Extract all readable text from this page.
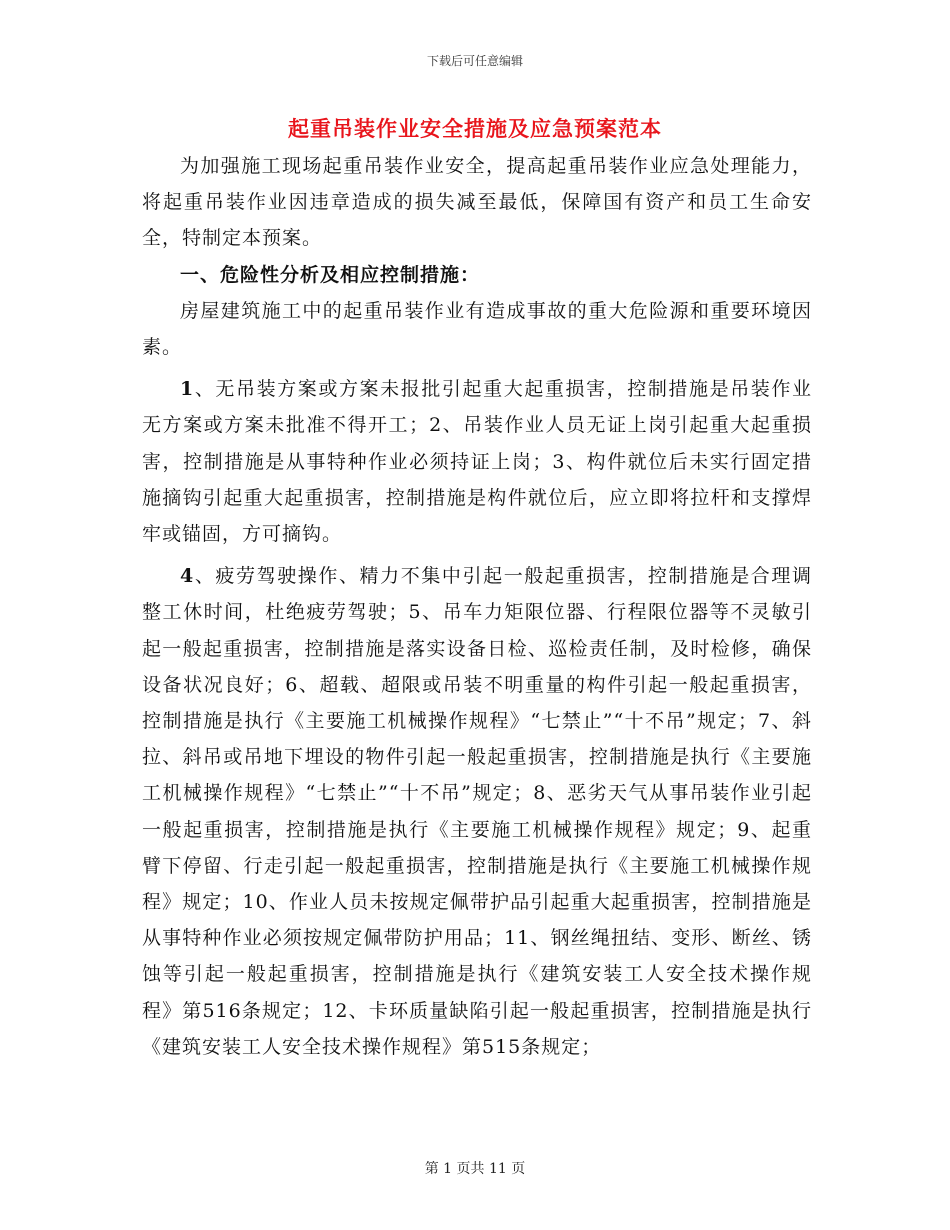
下载后可任意编辑
起重吊装作业安全措施及应急预案范本

为加强施工现场起重吊装作业安全，提高起重吊装作业应急处理能力，将起重吊装作业因违章造成的损失减至最低，保障国有资产和员工生命安全，特制定本预案。

一、危险性分析及相应控制措施：

房屋建筑施工中的起重吊装作业有造成事故的重大危险源和重要环境因素。

1、无吊装方案或方案未报批引起重大起重损害，控制措施是吊装作业无方案或方案未批准不得开工；2、吊装作业人员无证上岗引起重大起重损害，控制措施是从事特种作业必须持证上岗；3、构件就位后未实行固定措施摘钩引起重大起重损害，控制措施是构件就位后，应立即将拉杆和支撑焊牢或锚固，方可摘钩。

4、疲劳驾驶操作、精力不集中引起一般起重损害，控制措施是合理调整工休时间，杜绝疲劳驾驶；5、吊车力矩限位器、行程限位器等不灵敏引起一般起重损害，控制措施是落实设备日检、巡检责任制，及时检修，确保设备状况良好；6、超载、超限或吊装不明重量的构件引起一般起重损害，控制措施是执行《主要施工机械操作规程》“七禁止”“十不吊”规定；7、斜拉、斜吊或吊地下埋设的物件引起一般起重损害，控制措施是执行《主要施工机械操作规程》“七禁止”“十不吊”规定；8、恶劣天气从事吊装作业引起一般起重损害，控制措施是执行《主要施工机械操作规程》规定；9、起重臂下停留、行走引起一般起重损害，控制措施是执行《主要施工机械操作规程》规定；10、作业人员未按规定佩带护品引起重大起重损害，控制措施是从事特种作业必须按规定佩带防护用品；11、钢丝绳扭结、变形、断丝、锈蚀等引起一般起重损害，控制措施是执行《建筑安装工人安全技术操作规程》第516条规定；12、卡环质量缺陷引起一般起重损害，控制措施是执行《建筑安装工人安全技术操作规程》第515条规定；

第 1 页共 11 页
